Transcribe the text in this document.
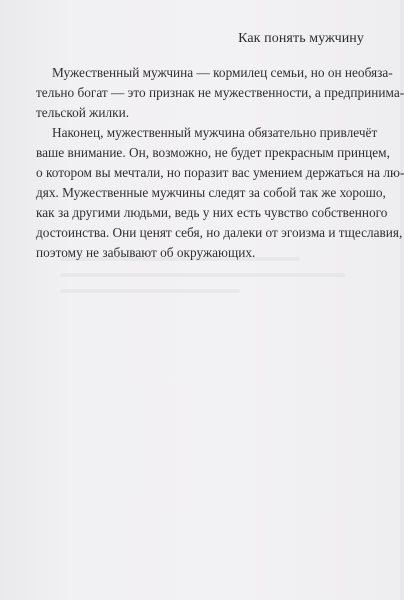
Как понять мужчину
Мужественный мужчина — кормилец семьи, но он необяза-
тельно богат — это признак не мужественности, а предпринима-
тельской жилки.
Наконец, мужественный мужчина обязательно привлечёт
ваше внимание. Он, возможно, не будет прекрасным принцем,
о котором вы мечтали, но поразит вас умением держаться на лю-
дях. Мужественные мужчины следят за собой так же хорошо,
как за другими людьми, ведь у них есть чувство собственного
достоинства. Они ценят себя, но далеки от эгоизма и тщеславия,
поэтому не забывают об окружающих.
